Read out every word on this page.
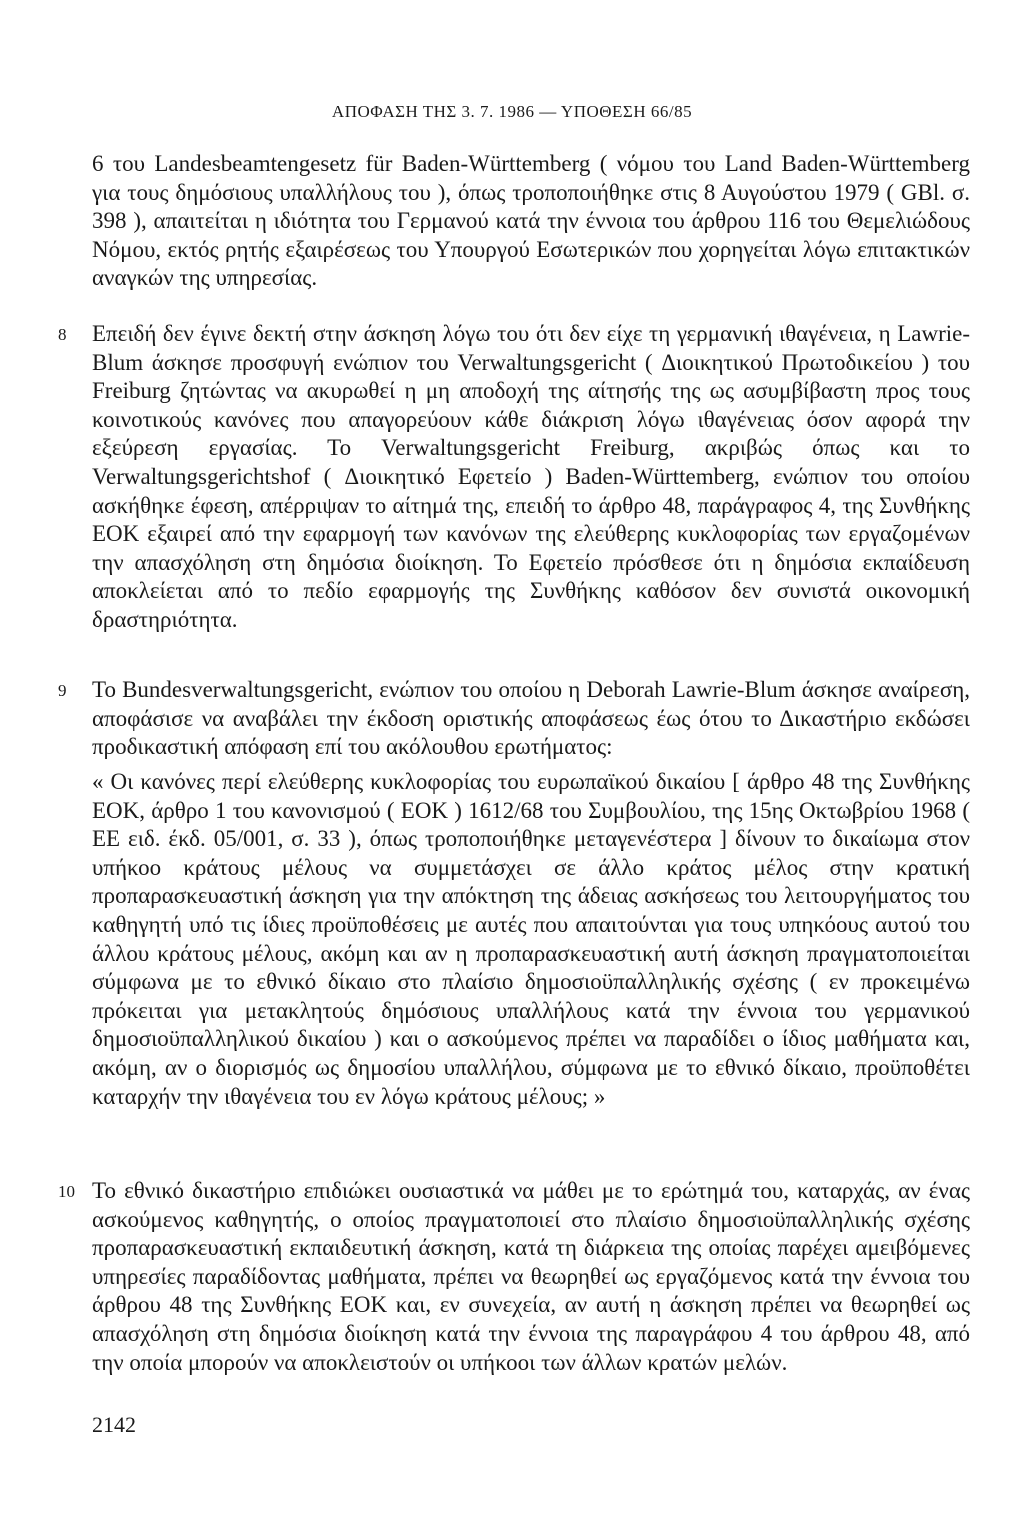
ΑΠΟΦΑΣΗ ΤΗΣ 3. 7. 1986 — ΥΠΟΘΕΣΗ 66/85

6 του Landesbeamtengesetz für Baden-Württemberg ( νόμου του Land Baden-Württemberg για τους δημόσιους υπαλλήλους του ), όπως τροποποιήθηκε στις 8 Αυγούστου 1979 ( GBl. σ. 398 ), απαιτείται η ιδιότητα του Γερμανού κατά την έννοια του άρθρου 116 του Θεμελιώδους Νόμου, εκτός ρητής εξαιρέσεως του Υπουργού Εσωτερικών που χορηγείται λόγω επιτακτικών αναγκών της υπηρεσίας.

8 Επειδή δεν έγινε δεκτή στην άσκηση λόγω του ότι δεν είχε τη γερμανική ιθαγένεια, η Lawrie-Blum άσκησε προσφυγή ενώπιον του Verwaltungsgericht ( Διοικητικού Πρωτοδικείου ) του Freiburg ζητώντας να ακυρωθεί η μη αποδοχή της αίτησής της ως ασυμβίβαστη προς τους κοινοτικούς κανόνες που απαγορεύουν κάθε διάκριση λόγω ιθαγένειας όσον αφορά την εξεύρεση εργασίας. Το Verwaltungsgericht Freiburg, ακριβώς όπως και το Verwaltungsgerichtshof ( Διοικητικό Εφετείο ) Baden-Württemberg, ενώπιον του οποίου ασκήθηκε έφεση, απέρριψαν το αίτημά της, επειδή το άρθρο 48, παράγραφος 4, της Συνθήκης ΕΟΚ εξαιρεί από την εφαρμογή των κανόνων της ελεύθερης κυκλοφορίας των εργαζομένων την απασχόληση στη δημόσια διοίκηση. Το Εφετείο πρόσθεσε ότι η δημόσια εκπαίδευση αποκλείεται από το πεδίο εφαρμογής της Συνθήκης καθόσον δεν συνιστά οικονομική δραστηριότητα.

9 Το Bundesverwaltungsgericht, ενώπιον του οποίου η Deborah Lawrie-Blum άσκησε αναίρεση, αποφάσισε να αναβάλει την έκδοση οριστικής αποφάσεως έως ότου το Δικαστήριο εκδώσει προδικαστική απόφαση επί του ακόλουθου ερωτήματος:

« Οι κανόνες περί ελεύθερης κυκλοφορίας του ευρωπαϊκού δικαίου [ άρθρο 48 της Συνθήκης ΕΟΚ, άρθρο 1 του κανονισμού ( ΕΟΚ ) 1612/68 του Συμβουλίου, της 15ης Οκτωβρίου 1968 ( ΕΕ ειδ. έκδ. 05/001, σ. 33 ), όπως τροποποιήθηκε μεταγενέστερα ] δίνουν το δικαίωμα στον υπήκοο κράτους μέλους να συμμετάσχει σε άλλο κράτος μέλος στην κρατική προπαρασκευαστική άσκηση για την απόκτηση της άδειας ασκήσεως του λειτουργήματος του καθηγητή υπό τις ίδιες προϋποθέσεις με αυτές που απαιτούνται για τους υπηκόους αυτού του άλλου κράτους μέλους, ακόμη και αν η προπαρασκευαστική αυτή άσκηση πραγματοποιείται σύμφωνα με το εθνικό δίκαιο στο πλαίσιο δημοσιοϋπαλληλικής σχέσης ( εν προκειμένω πρόκειται για μετακλητούς δημόσιους υπαλλήλους κατά την έννοια του γερμανικού δημοσιοϋπαλληλικού δικαίου ) και ο ασκούμενος πρέπει να παραδίδει ο ίδιος μαθήματα και, ακόμη, αν ο διορισμός ως δημοσίου υπαλλήλου, σύμφωνα με το εθνικό δίκαιο, προϋποθέτει καταρχήν την ιθαγένεια του εν λόγω κράτους μέλους; »

10 Το εθνικό δικαστήριο επιδιώκει ουσιαστικά να μάθει με το ερώτημά του, καταρχάς, αν ένας ασκούμενος καθηγητής, ο οποίος πραγματοποιεί στο πλαίσιο δημοσιοϋπαλληλικής σχέσης προπαρασκευαστική εκπαιδευτική άσκηση, κατά τη διάρκεια της οποίας παρέχει αμειβόμενες υπηρεσίες παραδίδοντας μαθήματα, πρέπει να θεωρηθεί ως εργαζόμενος κατά την έννοια του άρθρου 48 της Συνθήκης ΕΟΚ και, εν συνεχεία, αν αυτή η άσκηση πρέπει να θεωρηθεί ως απασχόληση στη δημόσια διοίκηση κατά την έννοια της παραγράφου 4 του άρθρου 48, από την οποία μπορούν να αποκλειστούν οι υπήκοοι των άλλων κρατών μελών.

2142
